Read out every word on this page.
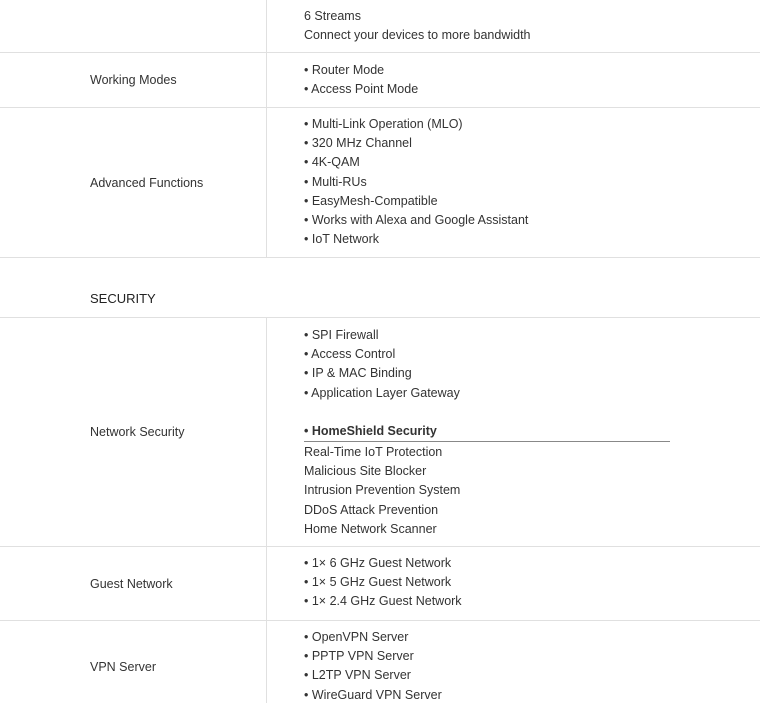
6 Streams
Connect your devices to more bandwidth
Working Modes
• Router Mode
• Access Point Mode
Advanced Functions
• Multi-Link Operation (MLO)
• 320 MHz Channel
• 4K-QAM
• Multi-RUs
• EasyMesh-Compatible
• Works with Alexa and Google Assistant
• IoT Network
SECURITY
Network Security
• SPI Firewall
• Access Control
• IP & MAC Binding
• Application Layer Gateway
• HomeShield Security
Real-Time IoT Protection
Malicious Site Blocker
Intrusion Prevention System
DDoS Attack Prevention
Home Network Scanner
Guest Network
• 1× 6 GHz Guest Network
• 1× 5 GHz Guest Network
• 1× 2.4 GHz Guest Network
VPN Server
• OpenVPN Server
• PPTP VPN Server
• L2TP VPN Server
• WireGuard VPN Server
